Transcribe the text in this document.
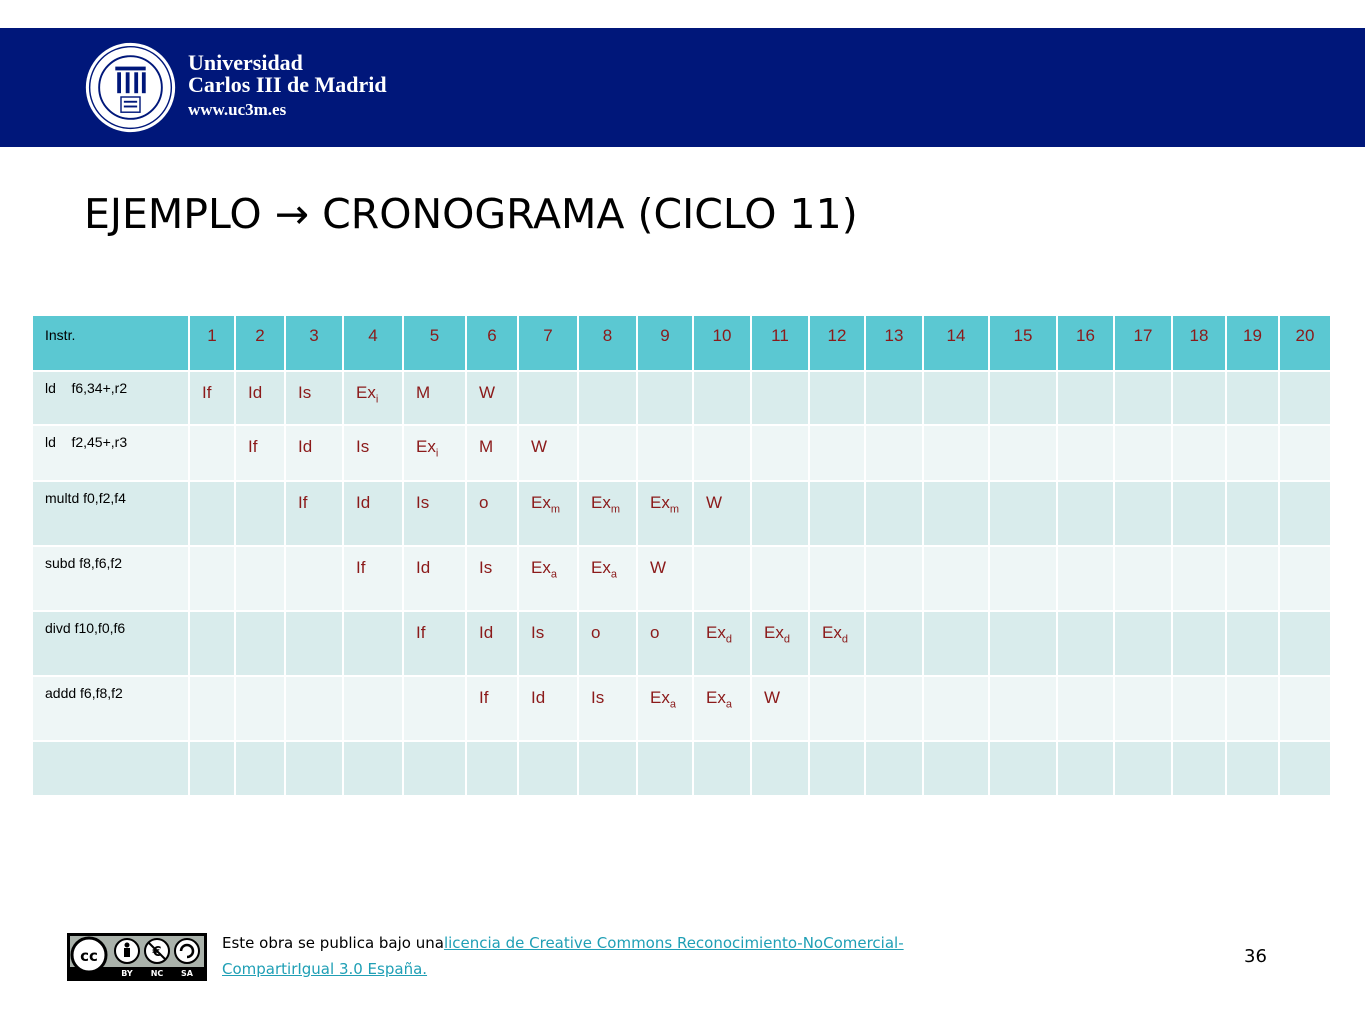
Universidad
Carlos III de Madrid
www.uc3m.es
EJEMPLO → CRONOGRAMA (CICLO 11)
Instr.	1	2	3	4	5	6	7	8	9	10	11	12	13	14	15	16	17	18	19	20
ld    f6,34+,r2	If	Id	Is	$Ex_i$	M	W														
ld    f2,45+,r3		If	Id	Is	$Ex_i$	M	W													
multd f0,f2,f4			If	Id	Is	o	$Ex_m$	$Ex_m$	$Ex_m$	W										
subd f8,f6,f2				If	Id	Is	$Ex_a$	$Ex_a$	W											
divd f10,f0,f6					If	Id	Is	o	o	$Ex_d$	$Ex_d$	$Ex_d$								
addd f6,f8,f2						If	Id	Is	$Ex_a$	$Ex_a$	W									

cc	€
BY NC SA
Este obra se publica bajo unalicencia de Creative Commons Reconocimiento-NoComercial-CompartirIgual 3.0 España.
36
